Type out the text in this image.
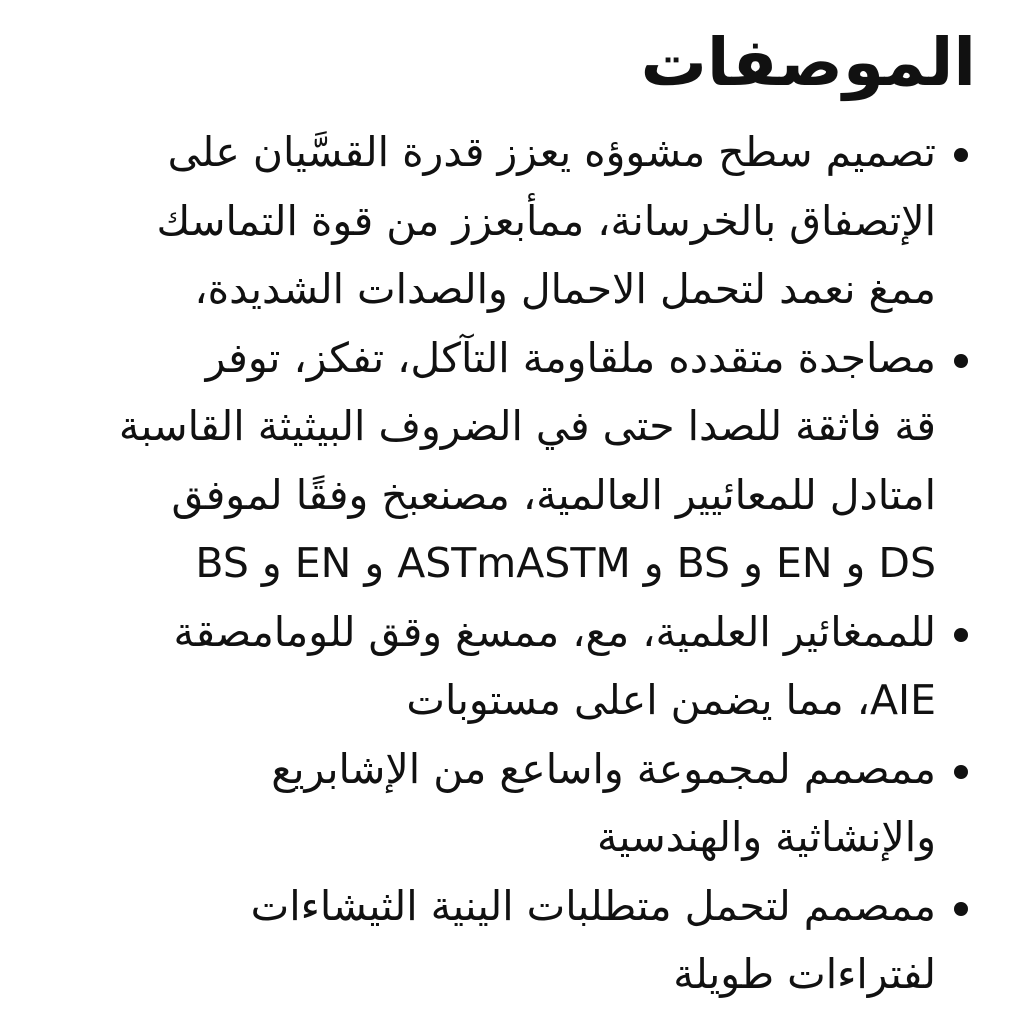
الموصفات
تصميم سطح مشوؤه يعزز قدرة القسَّيان على
الإتصفاق بالخرسانة، ممأبعزز من قوة التماسك
ممغ نعمد لتحمل الاحمال والصدات الشديدة،
مصاجدة متقدده ملقاومة التآكل، تفكز، توفر
قة فاثقة للصدا حتى في الضروف البيثيثة القاسبة
امتادل للمعائيير العالمية، مصنعبخ وفقًا لموفق
DS و EN و BS و ASTmASTM و EN و BS
للممغائير العلمية، مع، ممسغ وقق للومامصقة
AIE، مما يضمن اعلى مستوبات
ممصمم لمجموعة واساعع من الإشابريع
والإنشاثية والهندسية
ممصمم لتحمل متطلبات الينية الثيشاءات
لفتراءات طويلة
